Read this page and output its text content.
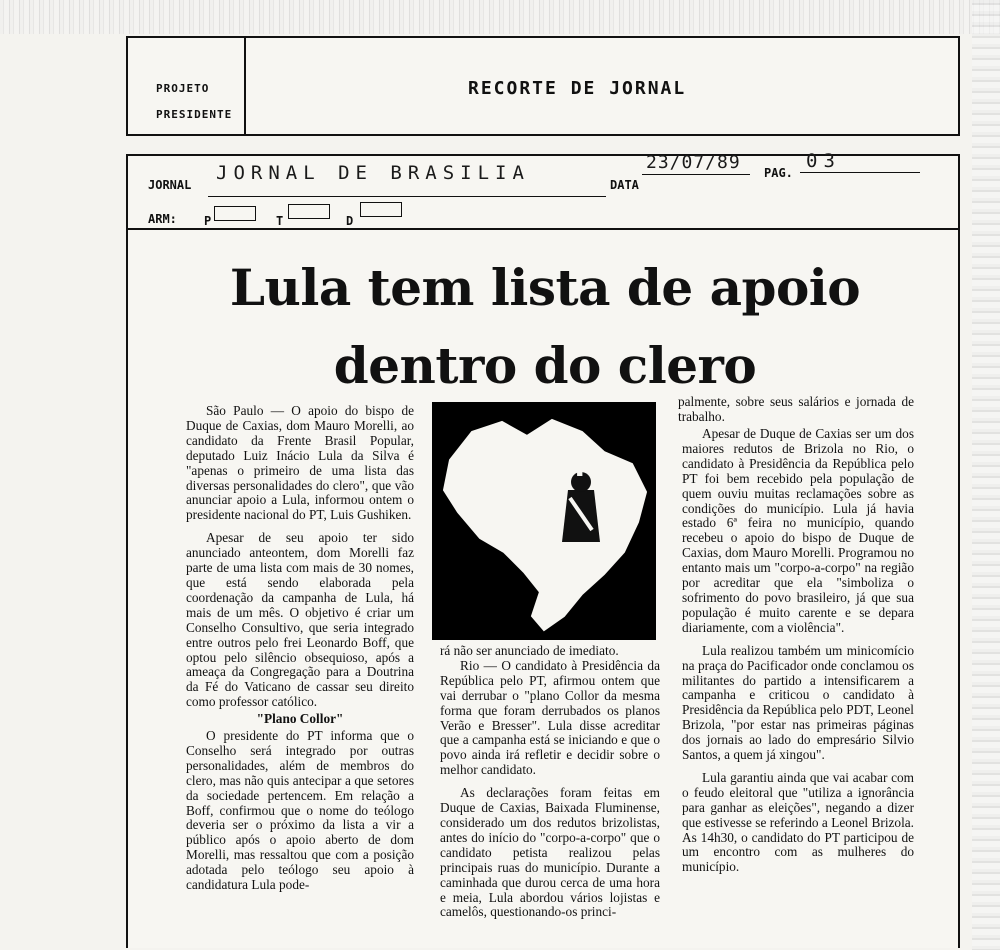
PROJETO
PRESIDENTE
RECORTE DE JORNAL
JORNAL
JORNAL DE BRASILIA
DATA
23/07/89 PAG.
03
ARM: P	T	D
Lula tem lista de apoio
dentro do clero

São Paulo — O apoio do bispo de Duque de Caxias, dom Mauro Morelli, ao candidato da Frente Brasil Popular, deputado Luiz Inácio Lula da Silva é "apenas o primeiro de uma lista das diversas personalidades do clero", que vão anunciar apoio a Lula, informou ontem o presidente nacional do PT, Luis Gushiken.

Apesar de seu apoio ter sido anunciado anteontem, dom Morelli faz parte de uma lista com mais de 30 nomes, que está sendo elaborada pela coordenação da campanha de Lula, há mais de um mês. O objetivo é criar um Conselho Consultivo, que seria integrado entre outros pelo frei Leonardo Boff, que optou pelo silêncio obsequioso, após a ameaça da Congregação para a Doutrina da Fé do Vaticano de cassar seu direito como professor católico.

"Plano Collor"

O presidente do PT informa que o Conselho será integrado por outras personalidades, além de membros do clero, mas não quis antecipar a que setores da sociedade pertencem. Em relação a Boff, confirmou que o nome do teólogo deveria ser o próximo da lista a vir a público após o apoio aberto de dom Morelli, mas ressaltou que com a posição adotada pelo teólogo seu apoio à candidatura Lula pode-

palmente, sobre seus salários e jornada de trabalho.

?

rá não ser anunciado de imediato.

Rio — O candidato à Presidência da República pelo PT, afirmou ontem que vai derrubar o "plano Collor da mesma forma que foram derrubados os planos Verão e Bresser". Lula disse acreditar que a campanha está se iniciando e que o povo ainda irá refletir e decidir sobre o melhor candidato.

As declarações foram feitas em Duque de Caxias, Baixada Fluminense, considerado um dos redutos brizolistas, antes do início do "corpo-a-corpo" que o candidato petista realizou pelas principais ruas do município. Durante a caminhada que durou cerca de uma hora e meia, Lula abordou vários lojistas e camelôs, questionando-os princi-

Apesar de Duque de Caxias ser um dos maiores redutos de Brizola no Rio, o candidato à Presidência da República pelo PT foi bem recebido pela população de quem ouviu muitas reclamações sobre as condições do município. Lula já havia estado 6ª feira no município, quando recebeu o apoio do bispo de Duque de Caxias, dom Mauro Morelli. Programou no entanto mais um "corpo-a-corpo" na região por acreditar que ela "simboliza o sofrimento do povo brasileiro, já que sua população é muito carente e se depara diariamente, com a violência".

Lula realizou também um minicomício na praça do Pacificador onde conclamou os militantes do partido a intensificarem a campanha e criticou o candidato à Presidência da República pelo PDT, Leonel Brizola, "por estar nas primeiras páginas dos jornais ao lado do empresário Silvio Santos, a quem já xingou".

Lula garantiu ainda que vai acabar com o feudo eleitoral que "utiliza a ignorância para ganhar as eleições", negando a dizer que estivesse se referindo a Leonel Brizola. As 14h30, o candidato do PT participou de um encontro com as mulheres do município.
